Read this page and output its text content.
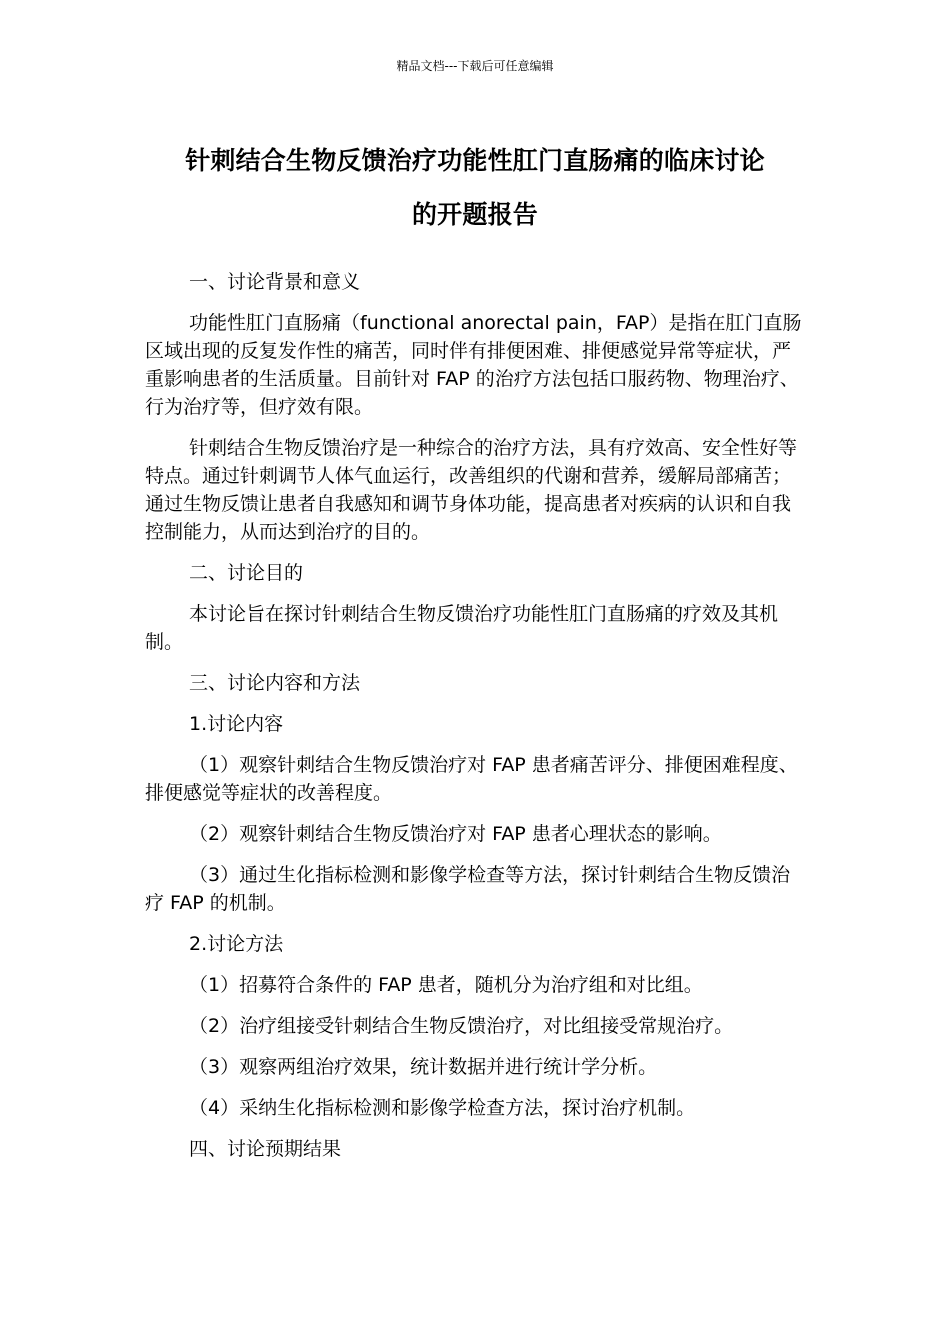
精品文档---下载后可任意编辑
针刺结合生物反馈治疗功能性肛门直肠痛的临床讨论
的开题报告

一、讨论背景和意义

功能性肛门直肠痛（functional anorectal pain，FAP）是指在肛门直肠区域出现的反复发作性的痛苦，同时伴有排便困难、排便感觉异常等症状，严重影响患者的生活质量。目前针对 FAP 的治疗方法包括口服药物、物理治疗、行为治疗等，但疗效有限。

针刺结合生物反馈治疗是一种综合的治疗方法，具有疗效高、安全性好等特点。通过针刺调节人体气血运行，改善组织的代谢和营养，缓解局部痛苦；通过生物反馈让患者自我感知和调节身体功能，提高患者对疾病的认识和自我控制能力，从而达到治疗的目的。

二、讨论目的

本讨论旨在探讨针刺结合生物反馈治疗功能性肛门直肠痛的疗效及其机制。

三、讨论内容和方法

1.讨论内容

（1）观察针刺结合生物反馈治疗对 FAP 患者痛苦评分、排便困难程度、排便感觉等症状的改善程度。

（2）观察针刺结合生物反馈治疗对 FAP 患者心理状态的影响。

（3）通过生化指标检测和影像学检查等方法，探讨针刺结合生物反馈治疗 FAP 的机制。

2.讨论方法

（1）招募符合条件的 FAP 患者，随机分为治疗组和对比组。

（2）治疗组接受针刺结合生物反馈治疗，对比组接受常规治疗。

（3）观察两组治疗效果，统计数据并进行统计学分析。

（4）采纳生化指标检测和影像学检查方法，探讨治疗机制。

四、讨论预期结果
